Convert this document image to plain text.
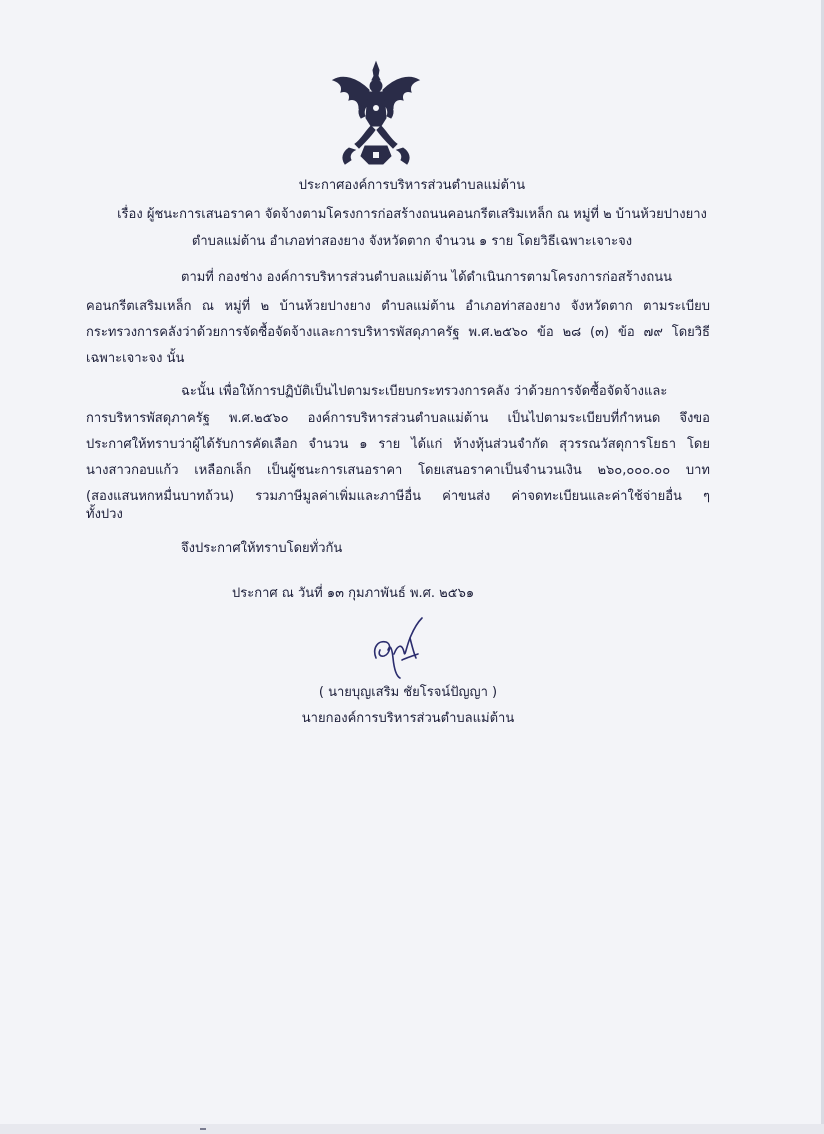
ประกาศองค์การบริหารส่วนตำบลแม่ต้าน
เรื่อง ผู้ชนะการเสนอราคา จัดจ้างตามโครงการก่อสร้างถนนคอนกรีตเสริมเหล็ก ณ หมู่ที่ ๒ บ้านห้วยปางยาง
ตำบลแม่ต้าน อำเภอท่าสองยาง จังหวัดตาก จำนวน ๑ ราย โดยวิธีเฉพาะเจาะจง
ตามที่ กองช่าง องค์การบริหารส่วนตำบลแม่ต้าน ได้ดำเนินการตามโครงการก่อสร้างถนน
คอนกรีตเสริมเหล็ก ณ หมู่ที่ ๒ บ้านห้วยปางยาง ตำบลแม่ต้าน อำเภอท่าสองยาง จังหวัดตาก ตามระเบียบ
กระทรวงการคลังว่าด้วยการจัดซื้อจัดจ้างและการบริหารพัสดุภาครัฐ พ.ศ.๒๕๖๐ ข้อ ๒๘ (๓) ข้อ ๗๙ โดยวิธี
เฉพาะเจาะจง นั้น
ฉะนั้น เพื่อให้การปฏิบัติเป็นไปตามระเบียบกระทรวงการคลัง ว่าด้วยการจัดซื้อจัดจ้างและ
การบริหารพัสดุภาครัฐ พ.ศ.๒๕๖๐ องค์การบริหารส่วนตำบลแม่ต้าน เป็นไปตามระเบียบที่กำหนด จึงขอ
ประกาศให้ทราบว่าผู้ได้รับการคัดเลือก จำนวน ๑ ราย ได้แก่ ห้างหุ้นส่วนจำกัด สุวรรณวัสดุการโยธา โดย
นางสาวกอบแก้ว เหลือกเล็ก เป็นผู้ชนะการเสนอราคา โดยเสนอราคาเป็นจำนวนเงิน ๒๖๐,๐๐๐.๐๐ บาท
(สองแสนหกหมื่นบาทถ้วน) รวมภาษีมูลค่าเพิ่มและภาษีอื่น ค่าขนส่ง ค่าจดทะเบียนและค่าใช้จ่ายอื่น ๆ
ทั้งปวง
จึงประกาศให้ทราบโดยทั่วกัน
ประกาศ ณ วันที่ ๑๓ กุมภาพันธ์ พ.ศ. ๒๕๖๑
( นายบุญเสริม ชัยโรจน์ปัญญา )
นายกองค์การบริหารส่วนตำบลแม่ต้าน
